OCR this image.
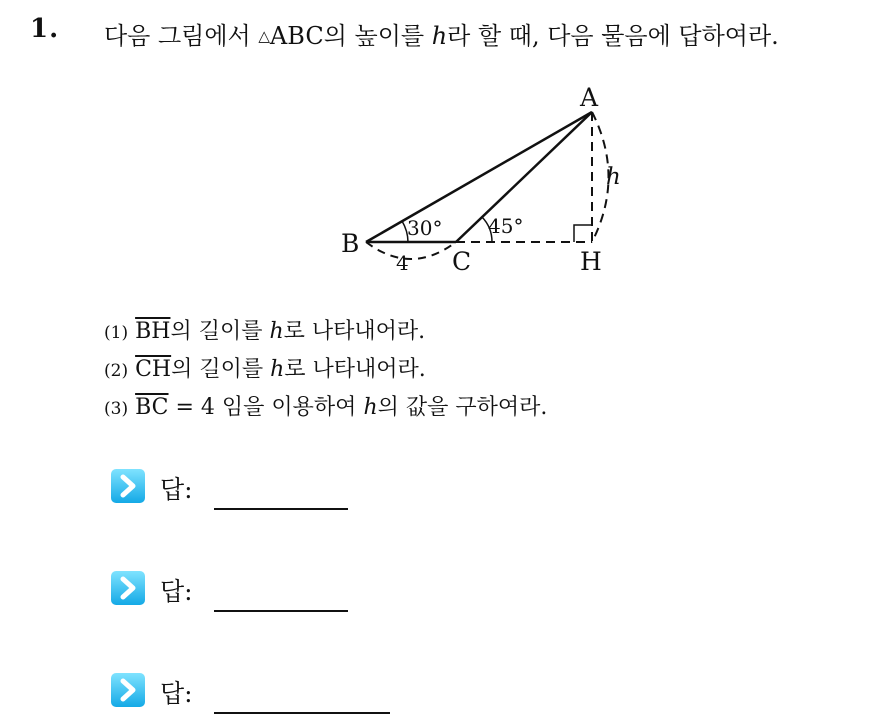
1. 다음 그림에서 △ABC의 높이를 h라 할 때, 다음 물음에 답하여라.
A
B
C	H
h
30° 45°
4
(1) $\overline{BH}$의 길이를 h로 나타내어라.
(2) $\overline{CH}$의 길이를 h로 나타내어라.
(3) $\overline{BC} = 4$ 임을 이용하여 h의 값을 구하여라.
답:
답:
답:
